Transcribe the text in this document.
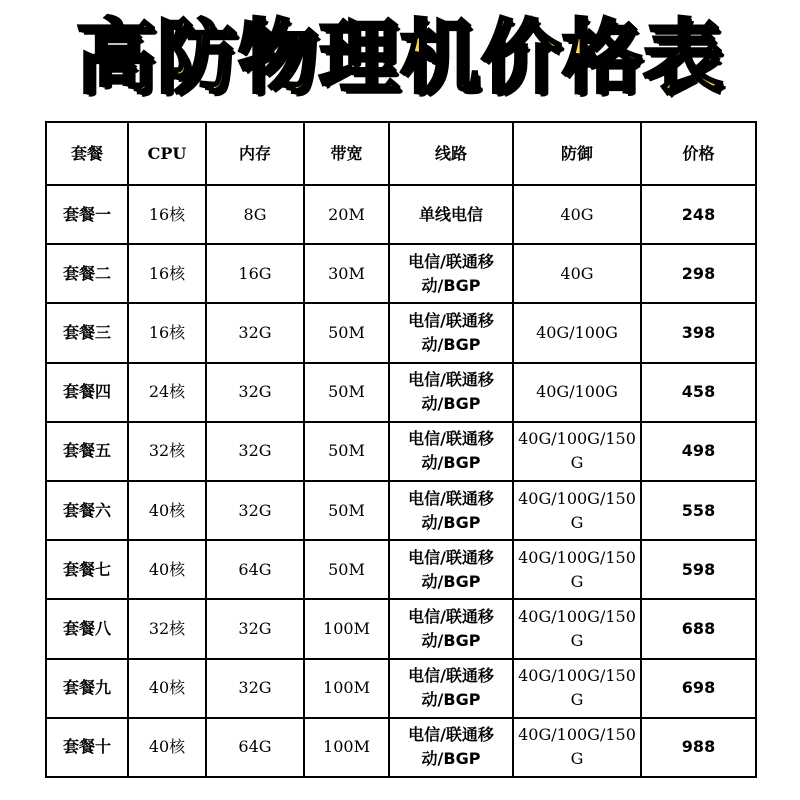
高防物理机价格表
套餐	CPU	内存	带宽	线路	防御	价格
套餐一	16核	8G	20M	单线电信	40G	248
套餐二	16核	16G	30M	电信/联通移动/BGP	40G	298
套餐三	16核	32G	50M	电信/联通移动/BGP	40G/100G	398
套餐四	24核	32G	50M	电信/联通移动/BGP	40G/100G	458
套餐五	32核	32G	50M	电信/联通移动/BGP	40G/100G/150G	498
套餐六	40核	32G	50M	电信/联通移动/BGP	40G/100G/150G	558
套餐七	40核	64G	50M	电信/联通移动/BGP	40G/100G/150G	598
套餐八	32核	32G	100M	电信/联通移动/BGP	40G/100G/150G	688
套餐九	40核	32G	100M	电信/联通移动/BGP	40G/100G/150G	698
套餐十	40核	64G	100M	电信/联通移动/BGP	40G/100G/150G	988
